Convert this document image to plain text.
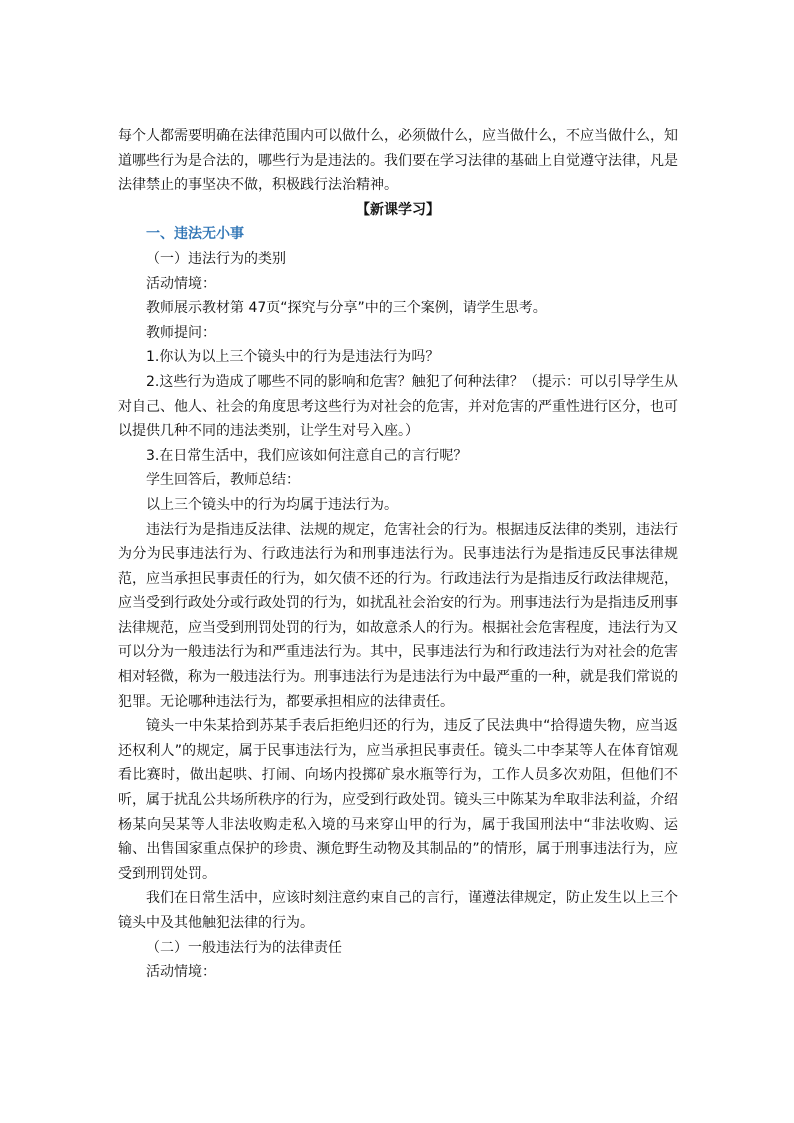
每个人都需要明确在法律范围内可以做什么，必须做什么，应当做什么，不应当做什么，知道哪些行为是合法的，哪些行为是违法的。我们要在学习法律的基础上自觉遵守法律，凡是法律禁止的事坚决不做，积极践行法治精神。

【新课学习】

一、违法无小事

（一）违法行为的类别

活动情境：

教师展示教材第 47页“探究与分享”中的三个案例，请学生思考。

教师提问：

1.你认为以上三个镜头中的行为是违法行为吗？

2.这些行为造成了哪些不同的影响和危害？触犯了何种法律？（提示：可以引导学生从对自己、他人、社会的角度思考这些行为对社会的危害，并对危害的严重性进行区分，也可以提供几种不同的违法类别，让学生对号入座。）

3.在日常生活中，我们应该如何注意自己的言行呢？

学生回答后，教师总结：

以上三个镜头中的行为均属于违法行为。

违法行为是指违反法律、法规的规定，危害社会的行为。根据违反法律的类别，违法行为分为民事违法行为、行政违法行为和刑事违法行为。民事违法行为是指违反民事法律规范，应当承担民事责任的行为，如欠债不还的行为。行政违法行为是指违反行政法律规范，应当受到行政处分或行政处罚的行为，如扰乱社会治安的行为。刑事违法行为是指违反刑事法律规范，应当受到刑罚处罚的行为，如故意杀人的行为。根据社会危害程度，违法行为又可以分为一般违法行为和严重违法行为。其中，民事违法行为和行政违法行为对社会的危害相对轻微，称为一般违法行为。刑事违法行为是违法行为中最严重的一种，就是我们常说的犯罪。无论哪种违法行为，都要承担相应的法律责任。

镜头一中朱某拾到苏某手表后拒绝归还的行为，违反了民法典中“拾得遗失物，应当返还权利人”的规定，属于民事违法行为，应当承担民事责任。镜头二中李某等人在体育馆观看比赛时，做出起哄、打闹、向场内投掷矿泉水瓶等行为，工作人员多次劝阻，但他们不听，属于扰乱公共场所秩序的行为，应受到行政处罚。镜头三中陈某为牟取非法利益，介绍杨某向吴某等人非法收购走私入境的马来穿山甲的行为，属于我国刑法中“非法收购、运输、出售国家重点保护的珍贵、濒危野生动物及其制品的”的情形，属于刑事违法行为，应受到刑罚处罚。

我们在日常生活中，应该时刻注意约束自己的言行，谨遵法律规定，防止发生以上三个镜头中及其他触犯法律的行为。

（二）一般违法行为的法律责任

活动情境：
